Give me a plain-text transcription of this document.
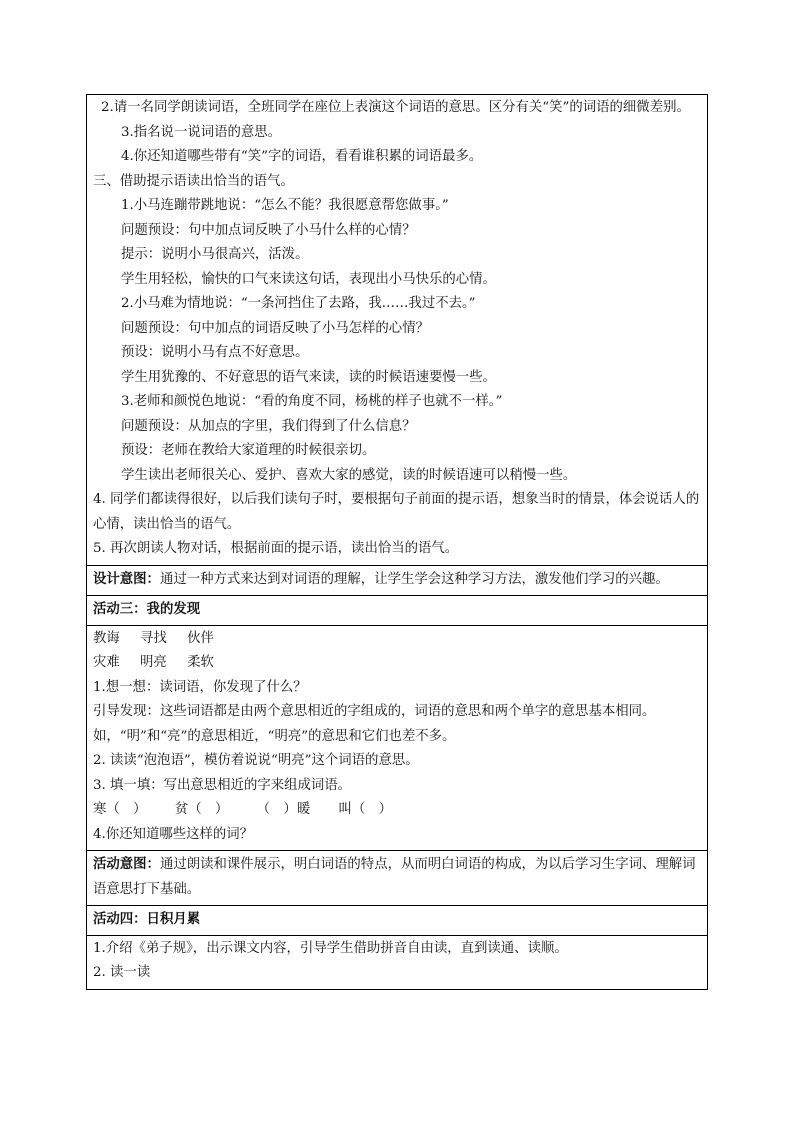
2.请一名同学朗读词语，全班同学在座位上表演这个词语的意思。区分有关“笑”的词语的细微差别。
3.指名说一说词语的意思。
4.你还知道哪些带有“笑”字的词语，看看谁积累的词语最多。
三、借助提示语读出恰当的语气。
1.小马连蹦带跳地说：“怎么不能？我很愿意帮您做事。”
问题预设：句中加点词反映了小马什么样的心情？
提示：说明小马很高兴，活泼。
学生用轻松，愉快的口气来读这句话，表现出小马快乐的心情。
2.小马难为情地说：“一条河挡住了去路，我……我过不去。”
问题预设：句中加点的词语反映了小马怎样的心情？
预设：说明小马有点不好意思。
学生用犹豫的、不好意思的语气来读，读的时候语速要慢一些。
3.老师和颜悦色地说：“看的角度不同，杨桃的样子也就不一样。”
问题预设：从加点的字里，我们得到了什么信息？
预设：老师在教给大家道理的时候很亲切。
学生读出老师很关心、爱护、喜欢大家的感觉，读的时候语速可以稍慢一些。
4. 同学们都读得很好，以后我们读句子时，要根据句子前面的提示语，想象当时的情景，体会说话人的心情，读出恰当的语气。
5. 再次朗读人物对话，根据前面的提示语，读出恰当的语气。
设计意图：通过一种方式来达到对词语的理解，让学生学会这种学习方法，激发他们学习的兴趣。
活动三：我的发现
教诲 寻找 伙伴
灾难 明亮 柔软
1.想一想：读词语，你发现了什么？
引导发现：这些词语都是由两个意思相近的字组成的，词语的意思和两个单字的意思基本相同。如，“明”和“亮”的意思相近，“明亮”的意思和它们也差不多。
2. 读读“泡泡语”，模仿着说说“明亮”这个词语的意思。
3. 填一填：写出意思相近的字来组成词语。
寒（　） 贫（　） （　）暖 叫（　）
4.你还知道哪些这样的词？
活动意图：通过朗读和课件展示，明白词语的特点，从而明白词语的构成，为以后学习生字词、理解词语意思打下基础。
活动四：日积月累
1.介绍《弟子规》，出示课文内容，引导学生借助拼音自由读，直到读通、读顺。
2. 读一读
